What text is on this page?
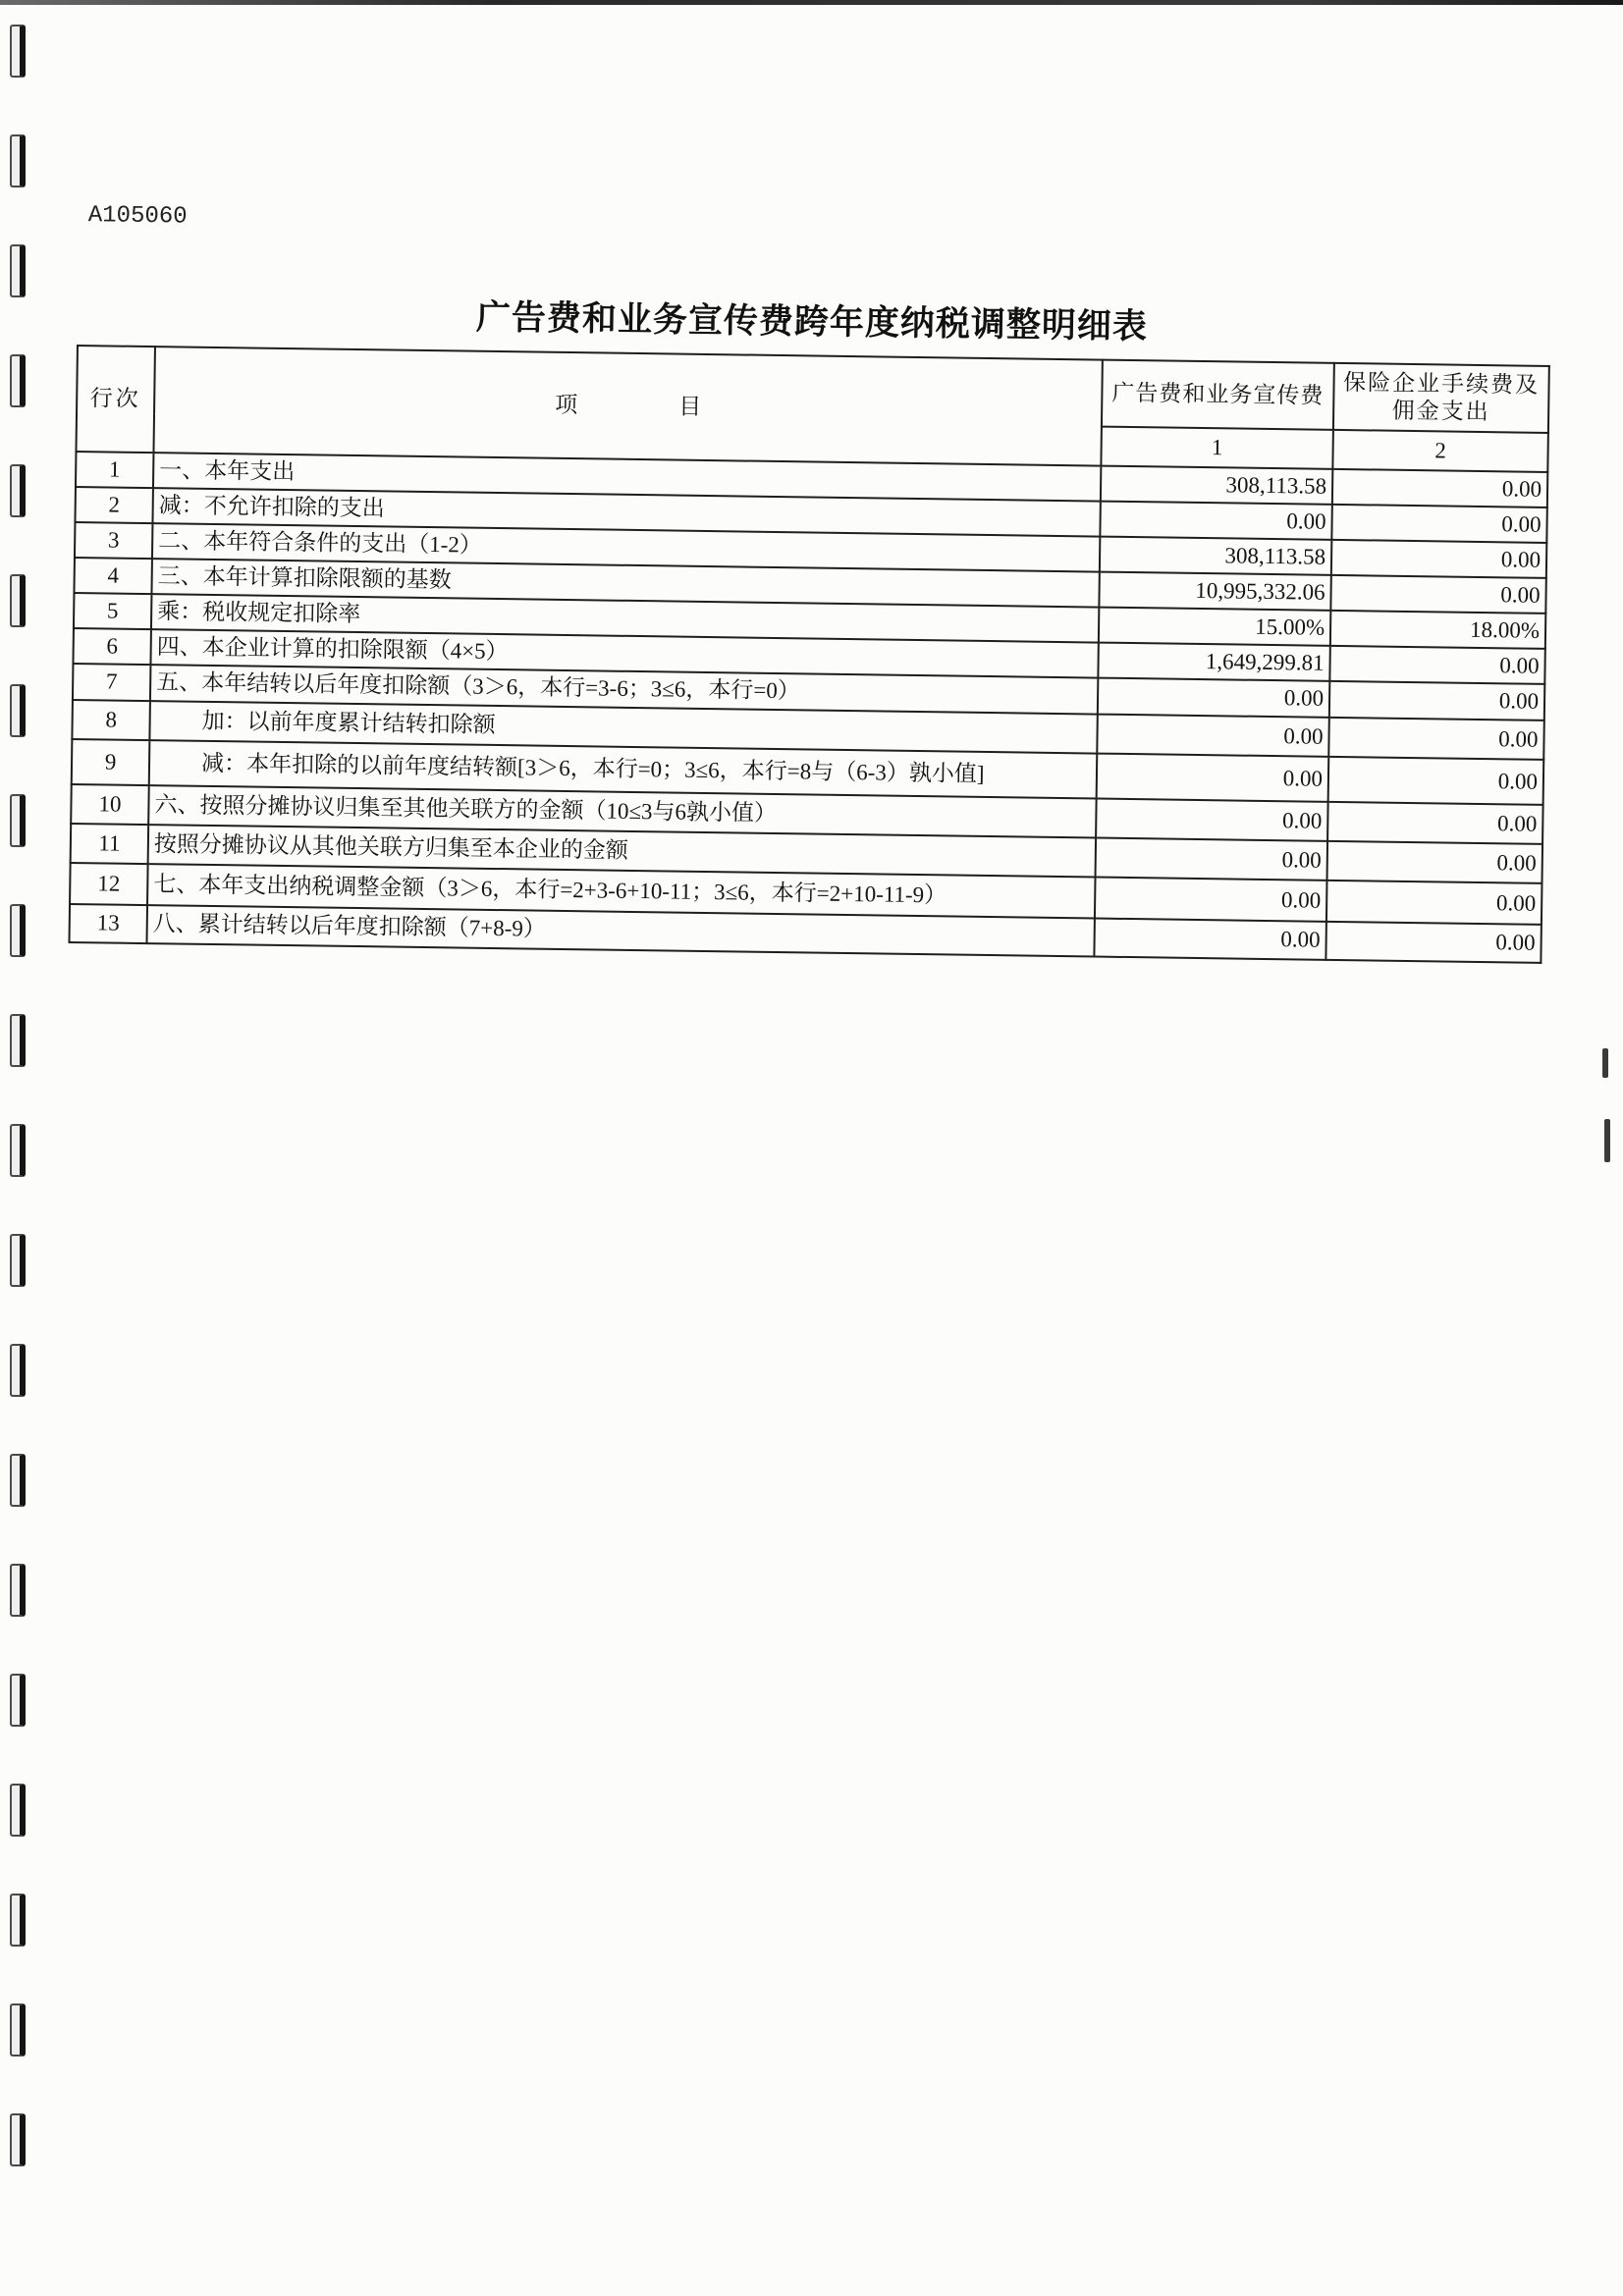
A105060
广告费和业务宣传费跨年度纳税调整明细表
行次	项目	广告费和业务宣传费	保险企业手续费及
佣金支出

		1	2
1	一、本年支出	308,113.58	0.00
2	减：不允许扣除的支出	0.00	0.00
3	二、本年符合条件的支出（1-2）	308,113.58	0.00
4	三、本年计算扣除限额的基数	10,995,332.06	0.00
5	乘：税收规定扣除率	15.00%	18.00%
6	四、本企业计算的扣除限额（4×5）	1,649,299.81	0.00
7	五、本年结转以后年度扣除额（3＞6，本行=3-6；3≤6，本行=0）	0.00	0.00
8	加：以前年度累计结转扣除额	0.00	0.00
9	减：本年扣除的以前年度结转额[3＞6，本行=0；3≤6，本行=8与（6-3）孰小值]	0.00	0.00
10	六、按照分摊协议归集至其他关联方的金额（10≤3与6孰小值）	0.00	0.00
11	按照分摊协议从其他关联方归集至本企业的金额	0.00	0.00
12	七、本年支出纳税调整金额（3＞6，本行=2+3-6+10-11；3≤6，本行=2+10-11-9）	0.00	0.00
13	八、累计结转以后年度扣除额（7+8-9）	0.00	0.00
